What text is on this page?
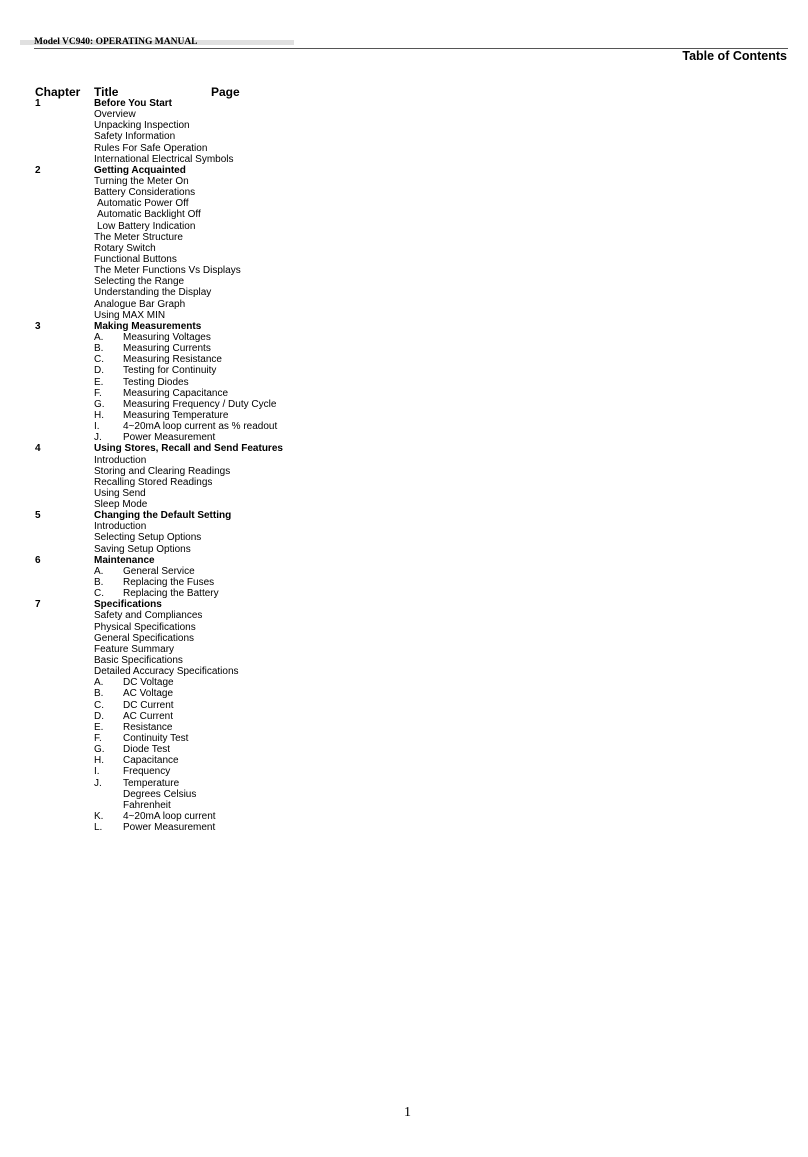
Model VC940: OPERATING MANUAL
Table of Contents
Chapter Title	Page
1	Before You Start
Overview
Unpacking Inspection
Safety Information
Rules For Safe Operation
International Electrical Symbols
2	Getting Acquainted
Turning the Meter On
Battery Considerations
Automatic Power Off
Automatic Backlight Off
Low Battery Indication
The Meter Structure
Rotary Switch
Functional Buttons
The Meter Functions Vs Displays
Selecting the Range
Understanding the Display
Analogue Bar Graph
Using MAX MIN
3	Making Measurements
A. Measuring Voltages
B. Measuring Currents
C. Measuring Resistance
D. Testing for Continuity
E. Testing Diodes
F. Measuring Capacitance
G. Measuring Frequency / Duty Cycle
H. Measuring Temperature
I. 4~20mA loop current as % readout
J. Power Measurement
4	Using Stores, Recall and Send Features
Introduction
Storing and Clearing Readings
Recalling Stored Readings
Using Send
Sleep Mode
5	Changing the Default Setting
Introduction
Selecting Setup Options
Saving Setup Options
6	Maintenance
A. General Service
B. Replacing the Fuses
C. Replacing the Battery
7	Specifications
Safety and Compliances
Physical Specifications
General Specifications
Feature Summary
Basic Specifications
Detailed Accuracy Specifications
A. DC Voltage
B. AC Voltage
C. DC Current
D. AC Current
E. Resistance
F. Continuity Test
G. Diode Test
H. Capacitance
I. Frequency
J. Temperature
Degrees Celsius
Fahrenheit
K. 4~20mA loop current
L. Power Measurement
1
